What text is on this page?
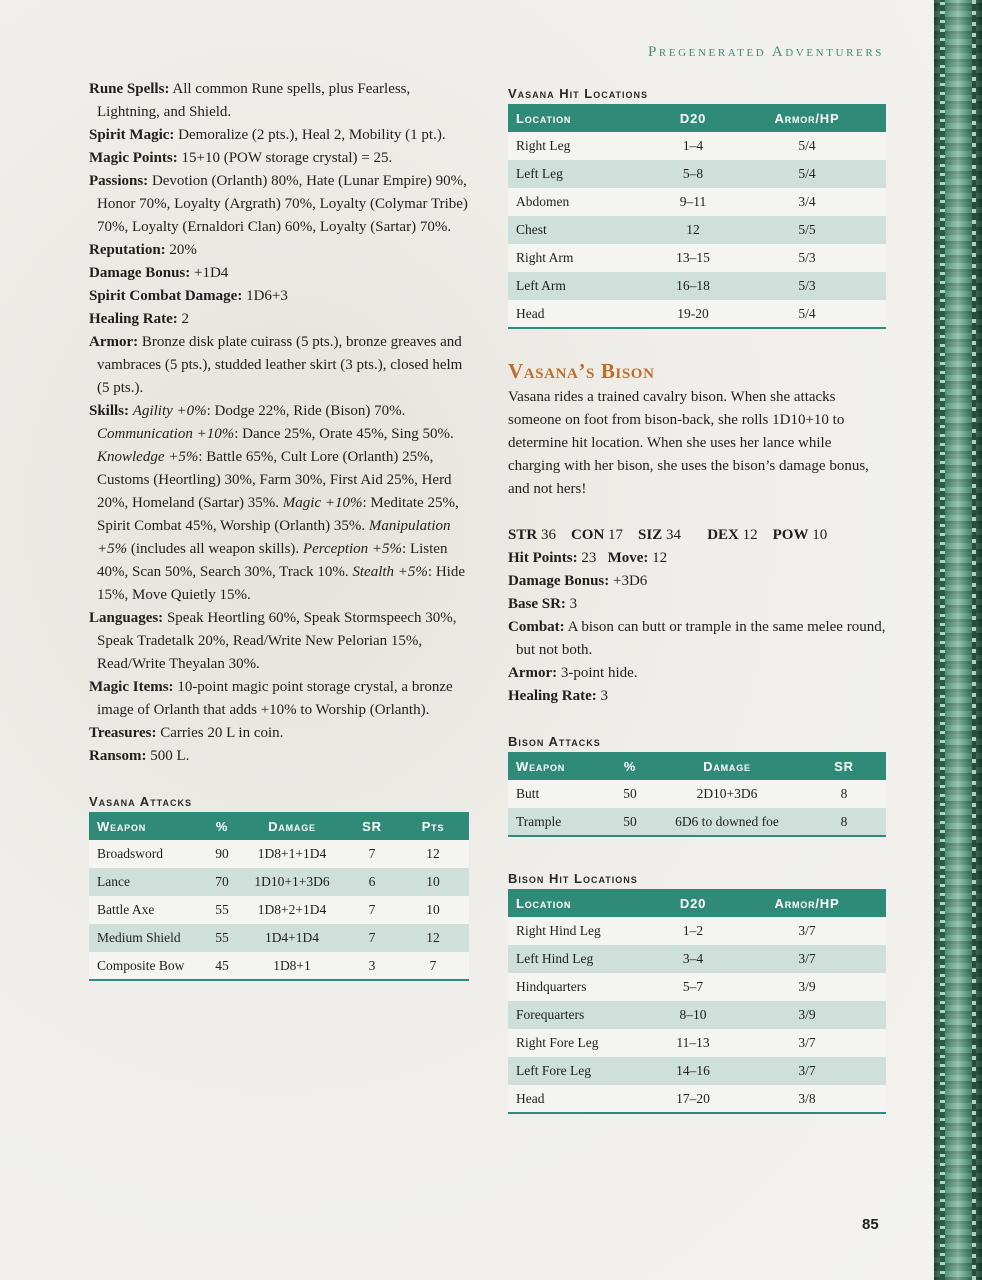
Pregenerated Adventurers

Rune Spells: All common Rune spells, plus Fearless, Lightning, and Shield.

Spirit Magic: Demoralize (2 pts.), Heal 2, Mobility (1 pt.).

Magic Points: 15+10 (POW storage crystal) = 25.

Passions: Devotion (Orlanth) 80%, Hate (Lunar Empire) 90%, Honor 70%, Loyalty (Argrath) 70%, Loyalty (Colymar Tribe) 70%, Loyalty (Ernaldori Clan) 60%, Loyalty (Sartar) 70%.

Reputation: 20%

Damage Bonus: +1D4

Spirit Combat Damage: 1D6+3

Healing Rate: 2

Armor: Bronze disk plate cuirass (5 pts.), bronze greaves and vambraces (5 pts.), studded leather skirt (3 pts.), closed helm (5 pts.).

Skills: Agility +0%: Dodge 22%, Ride (Bison) 70%. Communication +10%: Dance 25%, Orate 45%, Sing 50%. Knowledge +5%: Battle 65%, Cult Lore (Orlanth) 25%, Customs (Heortling) 30%, Farm 30%, First Aid 25%, Herd 20%, Homeland (Sartar) 35%. Magic +10%: Meditate 25%, Spirit Combat 45%, Worship (Orlanth) 35%. Manipulation +5% (includes all weapon skills). Perception +5%: Listen 40%, Scan 50%, Search 30%, Track 10%. Stealth +5%: Hide 15%, Move Quietly 15%.

Languages: Speak Heortling 60%, Speak Stormspeech 30%, Speak Tradetalk 20%, Read/Write New Pelorian 15%, Read/Write Theyalan 30%.

Magic Items: 10-point magic point storage crystal, a bronze image of Orlanth that adds +10% to Worship (Orlanth).

Treasures: Carries 20 L in coin.

Ransom: 500 L.

Vasana Attacks
Weapon	%	Damage	SR	Pts
Broadsword	90	1D8+1+1D4	7	12
Lance	70	1D10+1+3D6	6	10
Battle Axe	55	1D8+2+1D4	7	10
Medium Shield	55	1D4+1D4	7	12
Composite Bow	45	1D8+1	3	7
Vasana Hit Locations
Location	D20	Armor/HP
Right Leg	1–4	5/4
Left Leg	5–8	5/4
Abdomen	9–11	3/4
Chest	12	5/5
Right Arm	13–15	5/3
Left Arm	16–18	5/3
Head	19-20	5/4
Vasana’s Bison

Vasana rides a trained cavalry bison. When she attacks someone on foot from bison-back, she rolls 1D10+10 to determine hit location. When she uses her lance while charging with her bison, she uses the bison’s damage bonus, and not hers!

STR 36 CON 17 SIZ 34 DEX 12 POW 10

Hit Points: 23 Move: 12

Damage Bonus: +3D6

Base SR: 3

Combat: A bison can butt or trample in the same melee round, but not both.

Armor: 3-point hide.

Healing Rate: 3

Bison Attacks
Weapon	%	Damage	SR
Butt	50	2D10+3D6	8
Trample	50	6D6 to downed foe	8
Bison Hit Locations
Location	D20	Armor/HP
Right Hind Leg	1–2	3/7
Left Hind Leg	3–4	3/7
Hindquarters	5–7	3/9
Forequarters	8–10	3/9
Right Fore Leg	11–13	3/7
Left Fore Leg	14–16	3/7
Head	17–20	3/8
85
